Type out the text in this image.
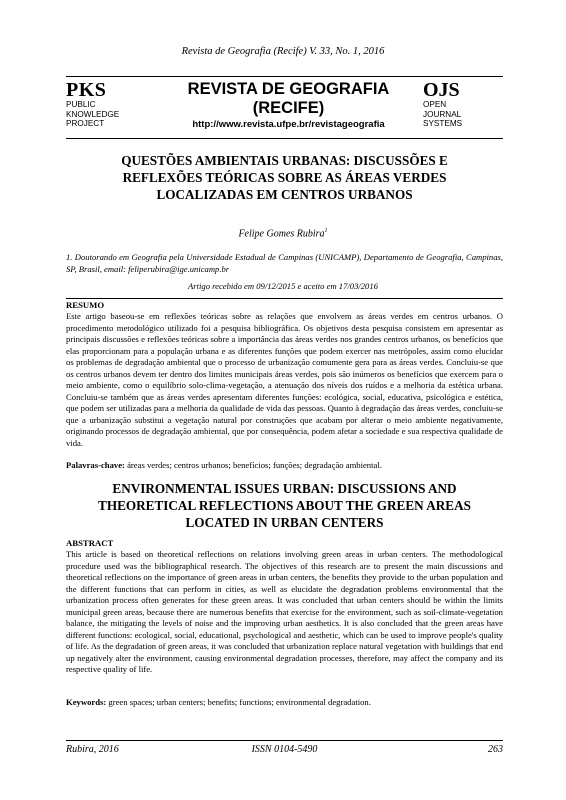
Revista de Geografia (Recife) V. 33, No. 1, 2016
PKS
PUBLIC
KNOWLEDGE
PROJECT
REVISTA DE GEOGRAFIA
(RECIFE)
http://www.revista.ufpe.br/revistageografia
OJS
OPEN
JOURNAL
SYSTEMS
QUESTÕES AMBIENTAIS URBANAS: DISCUSSÕES E
REFLEXÕES TEÓRICAS SOBRE AS ÁREAS VERDES
LOCALIZADAS EM CENTROS URBANOS
Felipe Gomes Rubira$^1$
1. Doutorando em Geografia pela Universidade Estadual de Campinas (UNICAMP), Departamento de Geografia, Campinas, SP, Brasil, email: feliperubira@ige.unicamp.br
Artigo recebido em 09/12/2015 e aceito em 17/03/2016
RESUMO
Este artigo baseou-se em reflexões teóricas sobre as relações que envolvem as áreas verdes em centros urbanos. O procedimento metodológico utilizado foi a pesquisa bibliográfica. Os objetivos desta pesquisa consistem em apresentar as principais discussões e reflexões teóricas sobre a importância das áreas verdes nos grandes centros urbanos, os benefícios que elas proporcionam para a população urbana e as diferentes funções que podem exercer nas metrópoles, assim como elucidar os problemas de degradação ambiental que o processo de urbanização comumente gera para as áreas verdes. Concluiu-se que os centros urbanos devem ter dentro dos limites municipais áreas verdes, pois são inúmeros os benefícios que exercem para o meio ambiente, como o equilíbrio solo-clima-vegetação, a atenuação dos níveis dos ruídos e a melhoria da estética urbana. Concluiu-se também que as áreas verdes apresentam diferentes funções: ecológica, social, educativa, psicológica e estética, que podem ser utilizadas para a melhoria da qualidade de vida das pessoas. Quanto à degradação das áreas verdes, concluiu-se que a urbanização substitui a vegetação natural por construções que acabam por alterar o meio ambiente negativamente, originando processos de degradação ambiental, que por consequência, podem afetar a sociedade e sua respectiva qualidade de vida.
Palavras-chave: áreas verdes; centros urbanos; benefícios; funções; degradação ambiental.
ENVIRONMENTAL ISSUES URBAN: DISCUSSIONS AND
THEORETICAL REFLECTIONS ABOUT THE GREEN AREAS
LOCATED IN URBAN CENTERS
ABSTRACT
This article is based on theoretical reflections on relations involving green areas in urban centers. The methodological procedure used was the bibliographical research. The objectives of this research are to present the main discussions and theoretical reflections on the importance of green areas in urban centers, the benefits they provide to the urban population and the different functions that can perform in cities, as well as elucidate the degradation problems environmental that the urbanization process often generates for these green areas. It was concluded that urban centers should be within the limits municipal green areas, because there are numerous benefits that exercise for the environment, such as soil-climate-vegetation balance, the mitigating the levels of noise and the improving urban aesthetics. It is also concluded that the green areas have different functions: ecological, social, educational, psychological and aesthetic, which can be used to improve people's quality of life. As the degradation of green areas, it was concluded that urbanization replace natural vegetation with buildings that end up negatively alter the environment, causing environmental degradation processes, therefore, may affect the company and its respective quality of life.
Keywords: green spaces; urban centers; benefits; functions; environmental degradation.
Rubira, 2016	ISSN 0104-5490	263
